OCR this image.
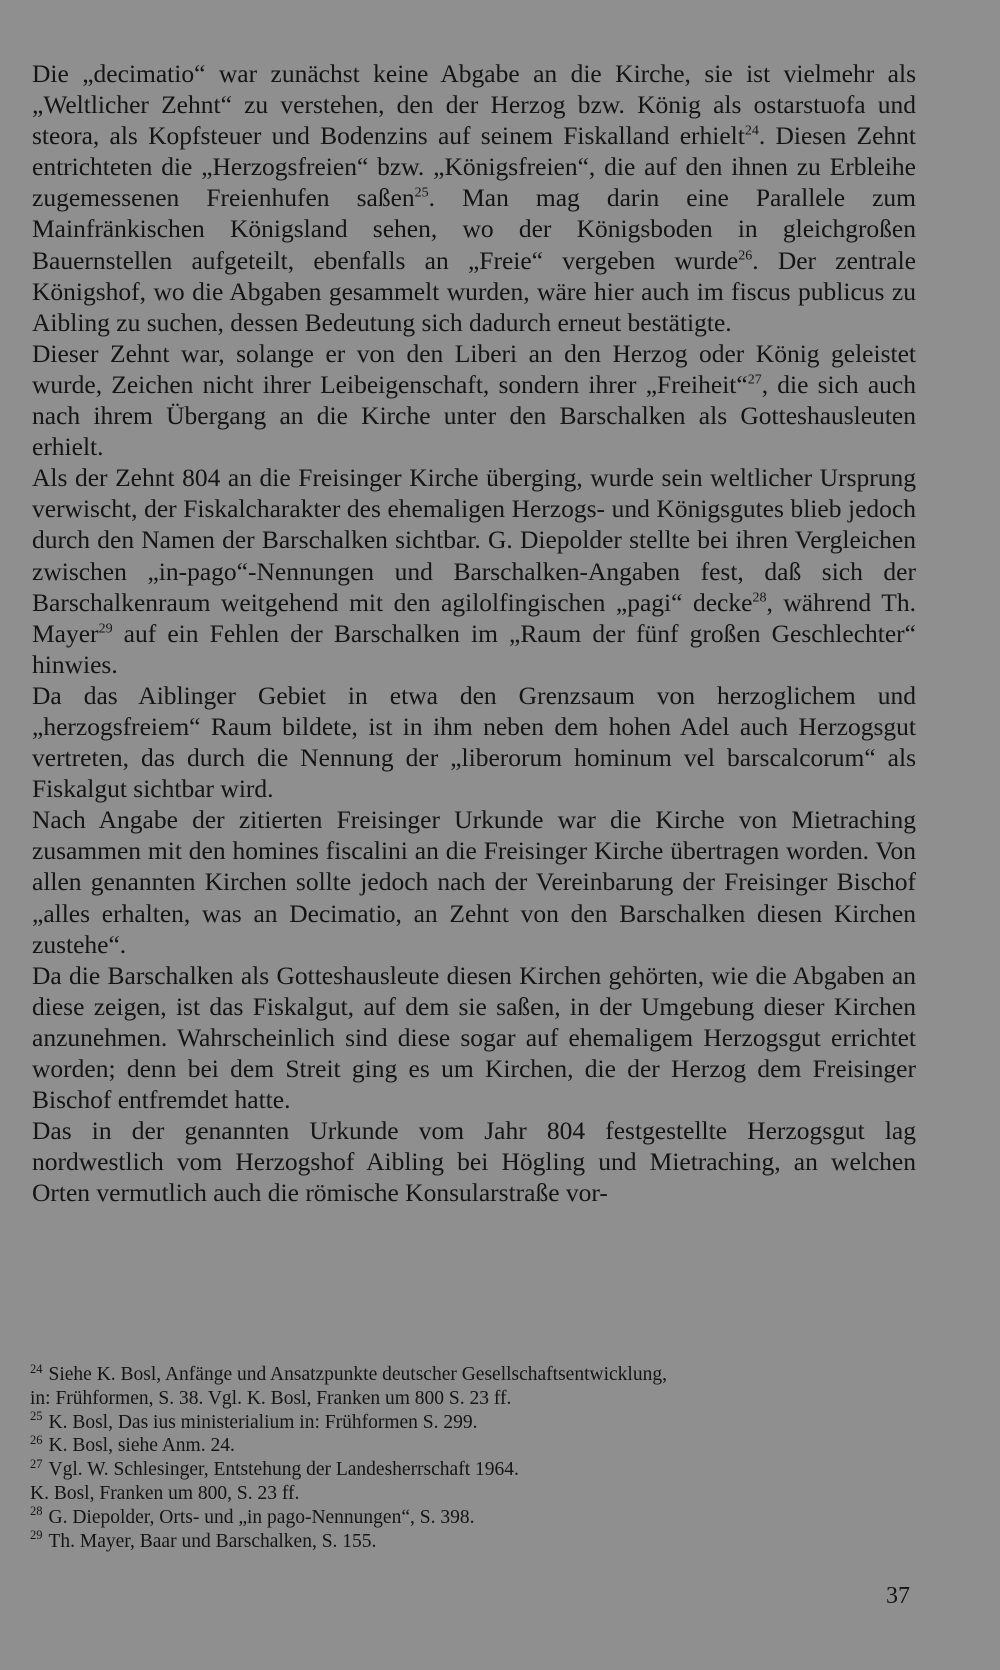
Die „decimatio“ war zunächst keine Abgabe an die Kirche, sie ist vielmehr als „Weltlicher Zehnt“ zu verstehen, den der Herzog bzw. König als ostarstuofa und steora, als Kopfsteuer und Bodenzins auf seinem Fiskalland erhielt$^{24}$. Diesen Zehnt entrichteten die „Herzogsfreien“ bzw. „Königsfreien“, die auf den ihnen zu Erbleihe zugemessenen Freienhufen saßen$^{25}$. Man mag darin eine Parallele zum Mainfränkischen Königsland sehen, wo der Königsboden in gleichgroßen Bauernstellen aufgeteilt, ebenfalls an „Freie“ vergeben wurde$^{26}$. Der zentrale Königshof, wo die Abgaben gesammelt wurden, wäre hier auch im fiscus publicus zu Aibling zu suchen, dessen Bedeutung sich dadurch erneut bestätigte.

Dieser Zehnt war, solange er von den Liberi an den Herzog oder König geleistet wurde, Zeichen nicht ihrer Leibeigenschaft, sondern ihrer „Freiheit“$^{27}$, die sich auch nach ihrem Übergang an die Kirche unter den Barschalken als Gotteshausleuten erhielt.

Als der Zehnt 804 an die Freisinger Kirche überging, wurde sein weltlicher Ursprung verwischt, der Fiskalcharakter des ehemaligen Herzogs- und Königsgutes blieb jedoch durch den Namen der Barschalken sichtbar. G. Diepolder stellte bei ihren Vergleichen zwischen „in-pago“-Nennungen und Barschalken-Angaben fest, daß sich der Barschalkenraum weitgehend mit den agilolfingischen „pagi“ decke$^{28}$, während Th. Mayer$^{29}$ auf ein Fehlen der Barschalken im „Raum der fünf großen Geschlechter“ hinwies.

Da das Aiblinger Gebiet in etwa den Grenzsaum von herzoglichem und „herzogsfreiem“ Raum bildete, ist in ihm neben dem hohen Adel auch Herzogsgut vertreten, das durch die Nennung der „liberorum hominum vel barscalcorum“ als Fiskalgut sichtbar wird.

Nach Angabe der zitierten Freisinger Urkunde war die Kirche von Mietraching zusammen mit den homines fiscalini an die Freisinger Kirche übertragen worden. Von allen genannten Kirchen sollte jedoch nach der Vereinbarung der Freisinger Bischof „alles erhalten, was an Decimatio, an Zehnt von den Barschalken diesen Kirchen zustehe“.

Da die Barschalken als Gotteshausleute diesen Kirchen gehörten, wie die Abgaben an diese zeigen, ist das Fiskalgut, auf dem sie saßen, in der Umgebung dieser Kirchen anzunehmen. Wahrscheinlich sind diese sogar auf ehemaligem Herzogsgut errichtet worden; denn bei dem Streit ging es um Kirchen, die der Herzog dem Freisinger Bischof entfremdet hatte.

Das in der genannten Urkunde vom Jahr 804 festgestellte Herzogsgut lag nordwestlich vom Herzogshof Aibling bei Högling und Mietraching, an welchen Orten vermutlich auch die römische Konsularstraße vor-

$^{24}$ Siehe K. Bosl, Anfänge und Ansatzpunkte deutscher Gesellschaftsentwicklung,
in: Frühformen, S. 38. Vgl. K. Bosl, Franken um 800 S. 23 ff.
$^{25}$ K. Bosl, Das ius ministerialium in: Frühformen S. 299.
$^{26}$ K. Bosl, siehe Anm. 24.
$^{27}$ Vgl. W. Schlesinger, Entstehung der Landesherrschaft 1964.
K. Bosl, Franken um 800, S. 23 ff.
$^{28}$ G. Diepolder, Orts- und „in pago-Nennungen“, S. 398.
$^{29}$ Th. Mayer, Baar und Barschalken, S. 155.
37
